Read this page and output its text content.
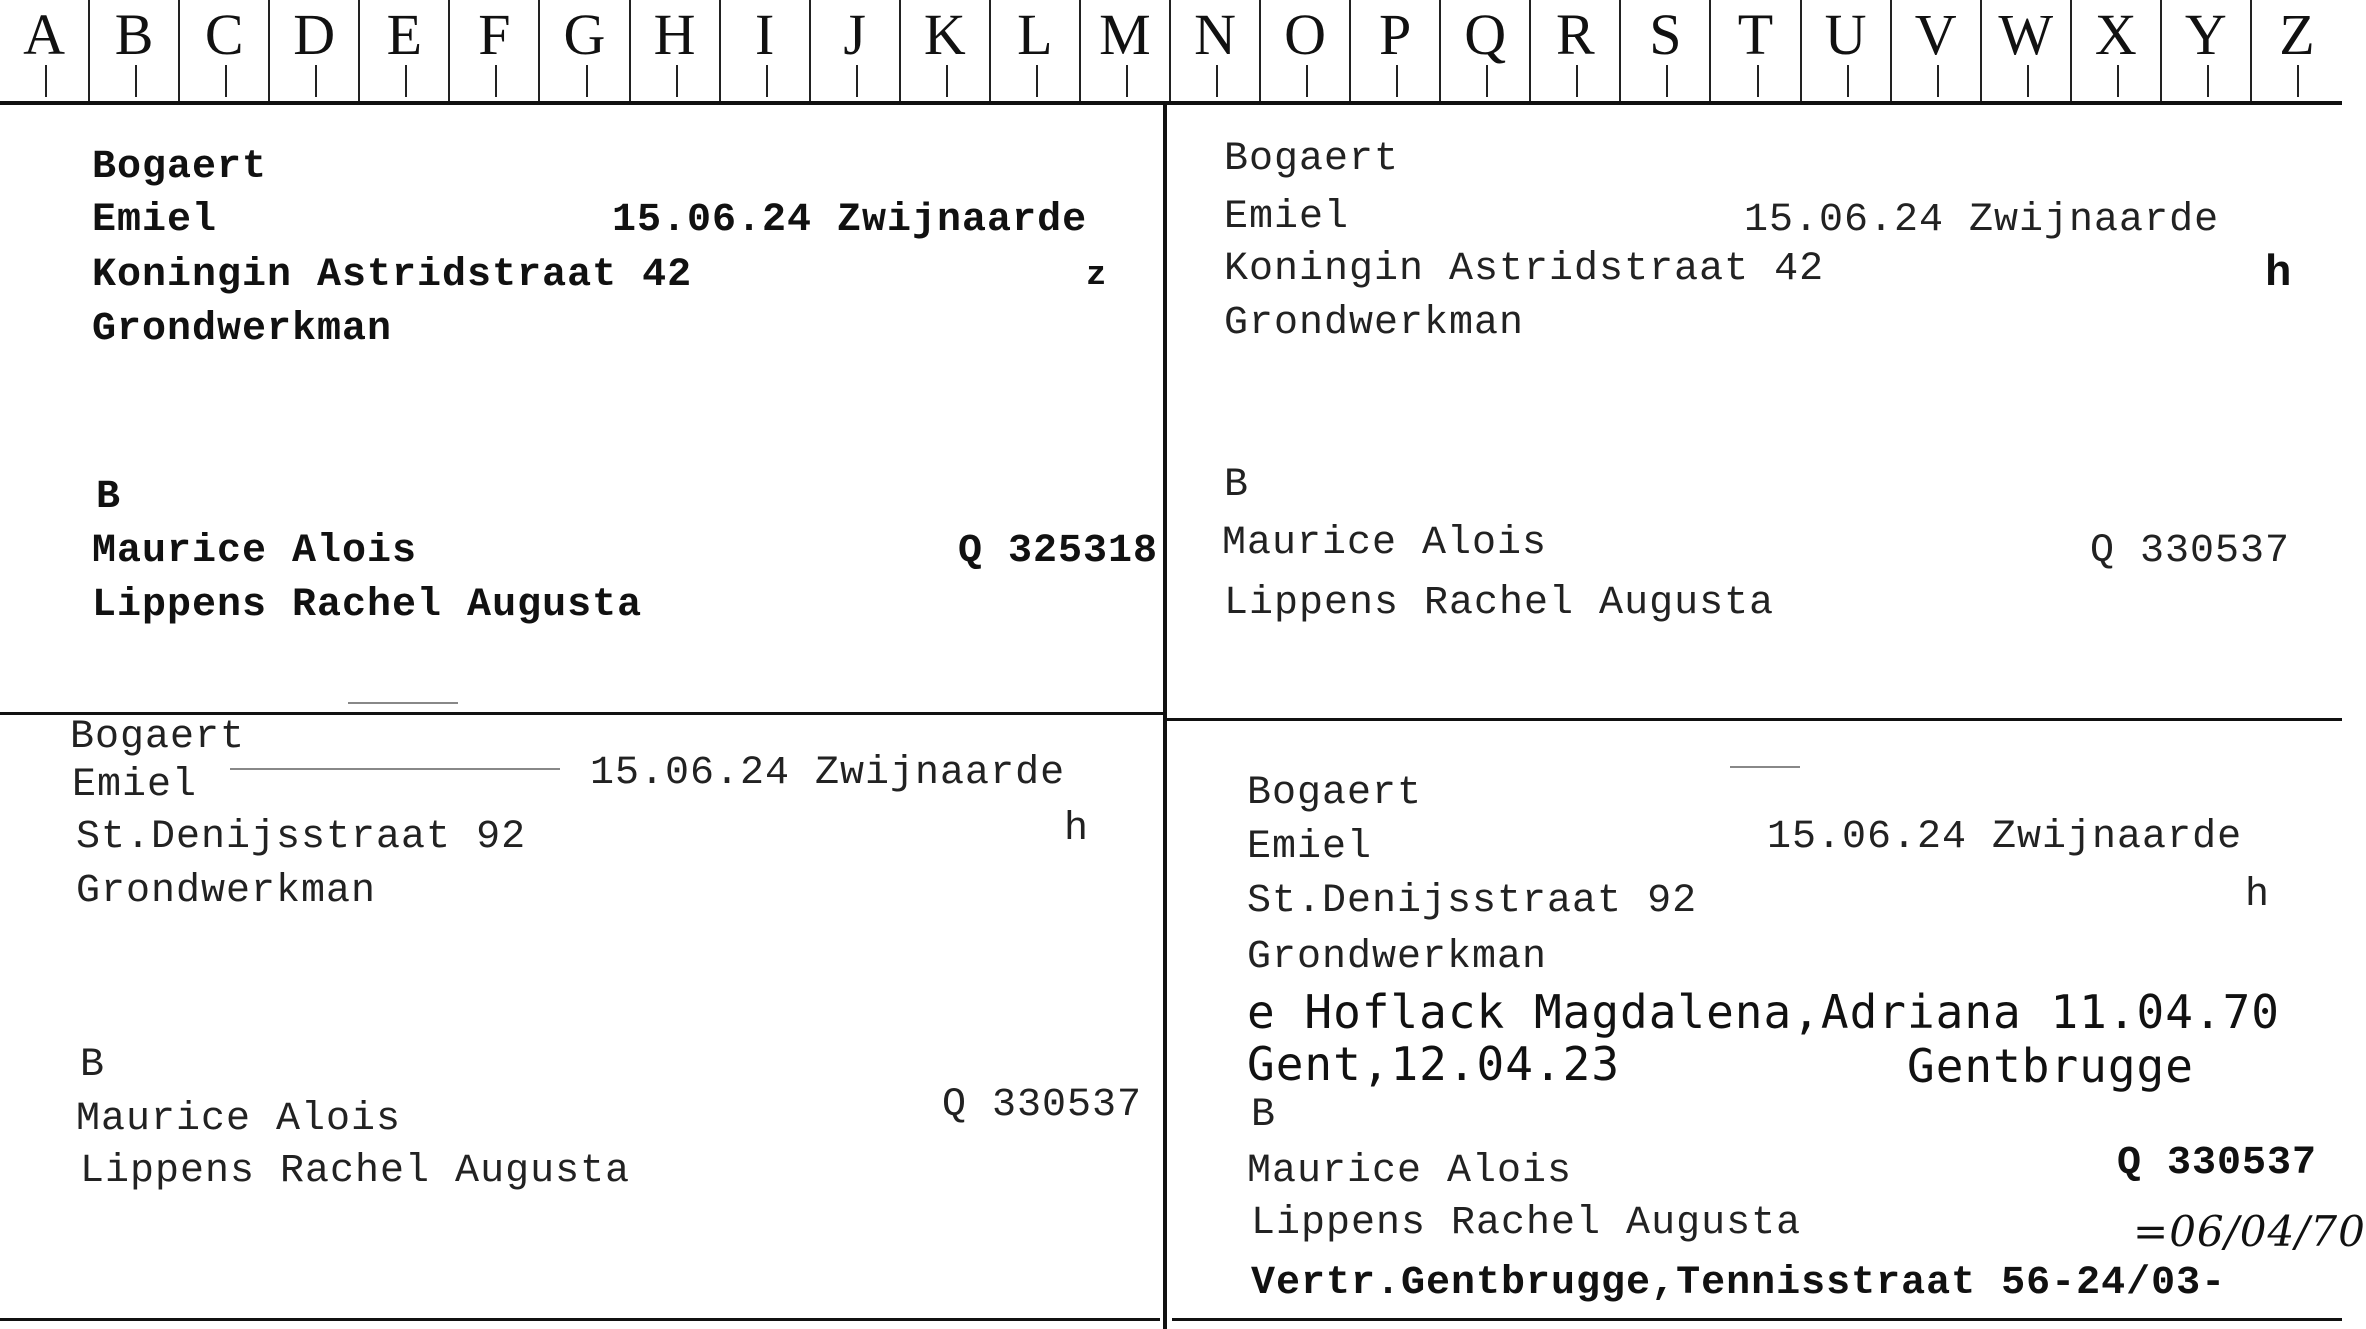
A B C D E F G H	I	J K L M N O P Q R S T U V W X Y Z
Bogaert
Emiel	15.06.24 Zwijnaarde
Koningin Astridstraat 42	z
Grondwerkman
B
Maurice Alois	Q 325318
Lippens Rachel Augusta
Bogaert
Emiel	15.06.24 Zwijnaarde
Koningin Astridstraat 42	h
Grondwerkman
B
Maurice Alois	Q 330537
Lippens Rachel Augusta
Bogaert
Emiel	15.06.24 Zwijnaarde
St.Denijsstraat 92	h
Grondwerkman
B
Maurice Alois	Q 330537
Lippens Rachel Augusta
Bogaert
Emiel	15.06.24 Zwijnaarde
St.Denijsstraat 92	h
Grondwerkman
e Hoflack Magdalena,Adriana 11.04.70
Gent,12.04.23	Gentbrugge
B
Maurice Alois	Q 330537
Lippens Rachel Augusta	=06/04/70
Vertr.Gentbrugge,Tennisstraat 56-24/03-
